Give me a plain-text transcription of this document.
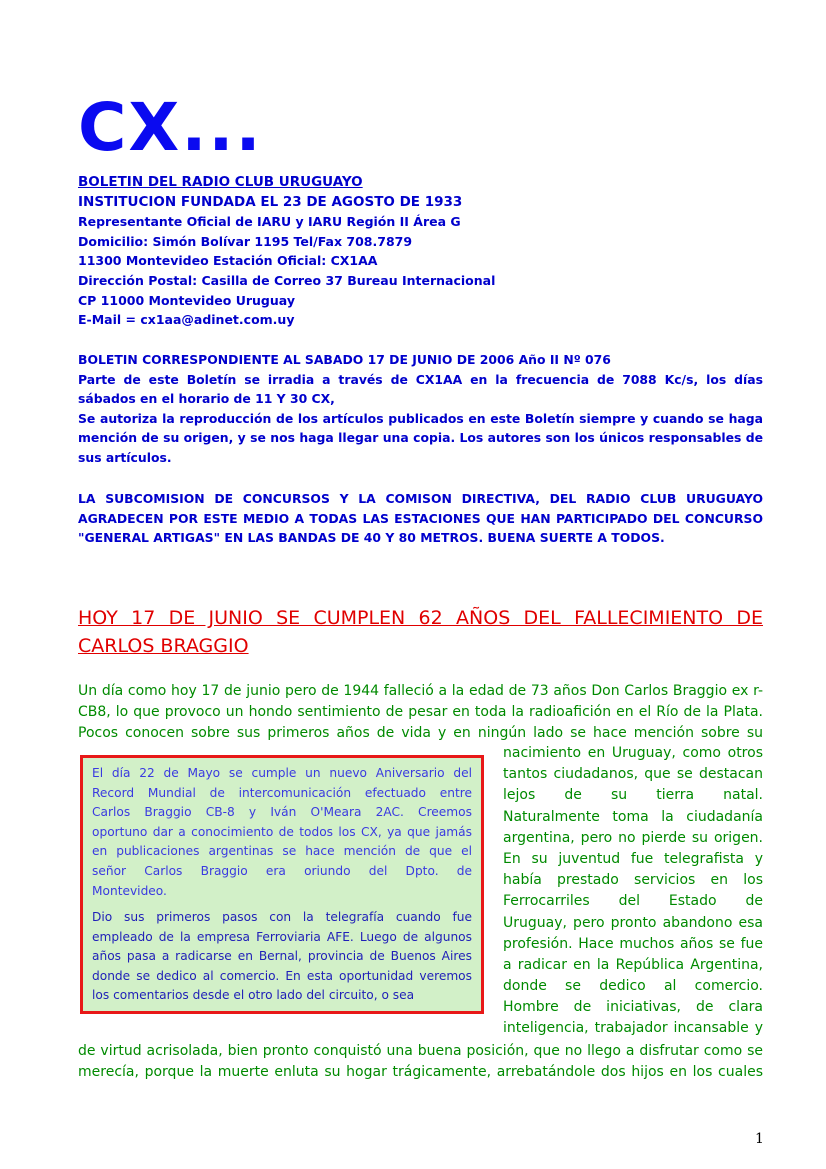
CX...
BOLETIN DEL RADIO CLUB URUGUAYO
INSTITUCION FUNDADA EL 23 DE AGOSTO DE 1933
Representante Oficial de IARU y IARU Región II Área G
Domicilio: Simón Bolívar 1195 Tel/Fax 708.7879
11300 Montevideo Estación Oficial: CX1AA
Dirección Postal: Casilla de Correo 37 Bureau Internacional
CP 11000 Montevideo Uruguay
E-Mail = cx1aa@adinet.com.uy

BOLETIN CORRESPONDIENTE AL SABADO 17 DE JUNIO DE 2006 Año II Nº 076

Parte de este Boletín se irradia a través de CX1AA en la frecuencia de 7088 Kc/s, los días sábados en el horario de 11 Y 30 CX,

Se autoriza la reproducción de los artículos publicados en este Boletín siempre y cuando se haga mención de su origen, y se nos haga llegar una copia. Los autores son los únicos responsables de sus artículos.

LA SUBCOMISION DE CONCURSOS Y LA COMISON DIRECTIVA, DEL RADIO CLUB URUGUAYO AGRADECEN POR ESTE MEDIO A TODAS LAS ESTACIONES QUE HAN PARTICIPADO DEL CONCURSO "GENERAL ARTIGAS" EN LAS BANDAS DE 40 Y 80 METROS. BUENA SUERTE A TODOS.
HOY 17 DE JUNIO SE CUMPLEN 62 AÑOS DEL FALLECIMIENTO DE CARLOS BRAGGIO
Un día como hoy 17 de junio pero de 1944 falleció a la edad de 73 años Don Carlos Braggio ex r-
CB8, lo que provoco un hondo sentimiento de pesar en toda la radioafición en el Río de la Plata.
Pocos conocen sobre sus primeros años de vida y en ningún lado se hace mención sobre su
El día 22 de Mayo se cumple un nuevo Aniversario del
Record Mundial de intercomunicación efectuado entre
Carlos Braggio CB-8 y Iván O'Meara 2AC. Creemos
oportuno dar a conocimiento de todos los CX, ya que jamás
en publicaciones argentinas se hace mención de que el
señor Carlos Braggio era oriundo del Dpto. de
Montevideo.
Dio sus primeros pasos con la telegrafía cuando fue
empleado de la empresa Ferroviaria AFE. Luego de algunos
años pasa a radicarse en Bernal, provincia de Buenos Aires
donde se dedico al comercio. En esta oportunidad veremos
los comentarios desde el otro lado del circuito, o sea
nacimiento en Uruguay, como otros
tantos ciudadanos, que se destacan
lejos de su tierra natal.
Naturalmente toma la ciudadanía
argentina, pero no pierde su origen.
En su juventud fue telegrafista y
había prestado servicios en los
Ferrocarriles del Estado de
Uruguay, pero pronto abandono esa
profesión. Hace muchos años se fue
a radicar en la República Argentina,
donde se dedico al comercio.
Hombre de iniciativas, de clara
inteligencia, trabajador incansable y
de virtud acrisolada, bien pronto conquistó una buena posición, que no llego a disfrutar como se
merecía, porque la muerte enluta su hogar trágicamente, arrebatándole dos hijos en los cuales
1
